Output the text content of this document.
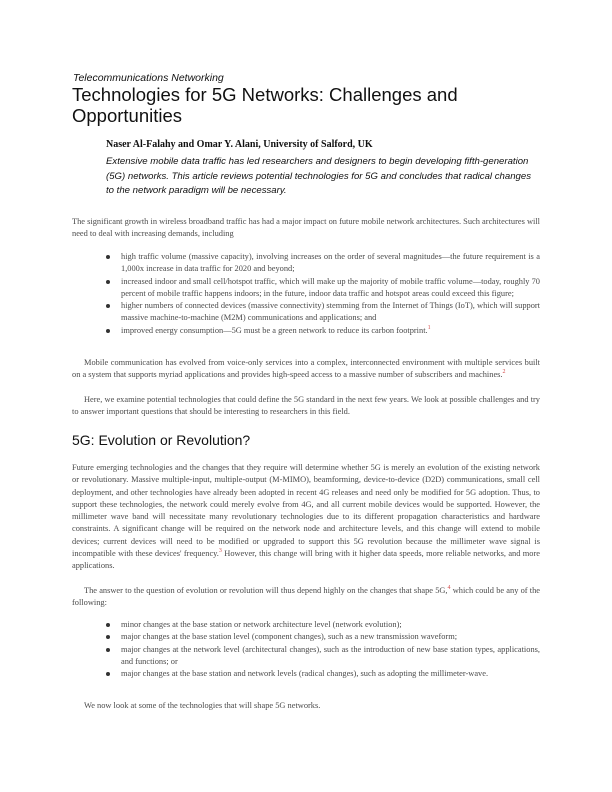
Telecommunications Networking
Technologies for 5G Networks: Challenges and Opportunities
Naser Al-Falahy and Omar Y. Alani, University of Salford, UK

Extensive mobile data traffic has led researchers and designers to begin developing fifth-generation (5G) networks. This article reviews potential technologies for 5G and concludes that radical changes to the network paradigm will be necessary.

The significant growth in wireless broadband traffic has had a major impact on future mobile network architectures. Such architectures will need to deal with increasing demands, including

high traffic volume (massive capacity), involving increases on the order of several magnitudes—the future requirement is a 1,000x increase in data traffic for 2020 and beyond;
increased indoor and small cell/hotspot traffic, which will make up the majority of mobile traffic volume—today, roughly 70 percent of mobile traffic happens indoors; in the future, indoor data traffic and hotspot areas could exceed this figure;
higher numbers of connected devices (massive connectivity) stemming from the Internet of Things (IoT), which will support massive machine-to-machine (M2M) communications and applications; and
improved energy consumption—5G must be a green network to reduce its carbon footprint.$^1$

Mobile communication has evolved from voice-only services into a complex, interconnected environment with multiple services built on a system that supports myriad applications and provides high-speed access to a massive number of subscribers and machines.$^2$

Here, we examine potential technologies that could define the 5G standard in the next few years. We look at possible challenges and try to answer important questions that should be interesting to researchers in this field.

5G: Evolution or Revolution?

Future emerging technologies and the changes that they require will determine whether 5G is merely an evolution of the existing network or revolutionary. Massive multiple-input, multiple-output (M-MIMO), beamforming, device-to-device (D2D) communications, small cell deployment, and other technologies have already been adopted in recent 4G releases and need only be modified for 5G adoption. Thus, to support these technologies, the network could merely evolve from 4G, and all current mobile devices would be supported. However, the millimeter wave band will necessitate many revolutionary technologies due to its different propagation characteristics and hardware constraints. A significant change will be required on the network node and architecture levels, and this change will extend to mobile devices; current devices will need to be modified or upgraded to support this 5G revolution because the millimeter wave signal is incompatible with these devices' frequency.$^3$ However, this change will bring with it higher data speeds, more reliable networks, and more applications.

The answer to the question of evolution or revolution will thus depend highly on the changes that shape 5G,$^4$ which could be any of the following:

minor changes at the base station or network architecture level (network evolution);
major changes at the base station level (component changes), such as a new transmission waveform;
major changes at the network level (architectural changes), such as the introduction of new base station types, applications, and functions; or
major changes at the base station and network levels (radical changes), such as adopting the millimeter-wave.

We now look at some of the technologies that will shape 5G networks.
